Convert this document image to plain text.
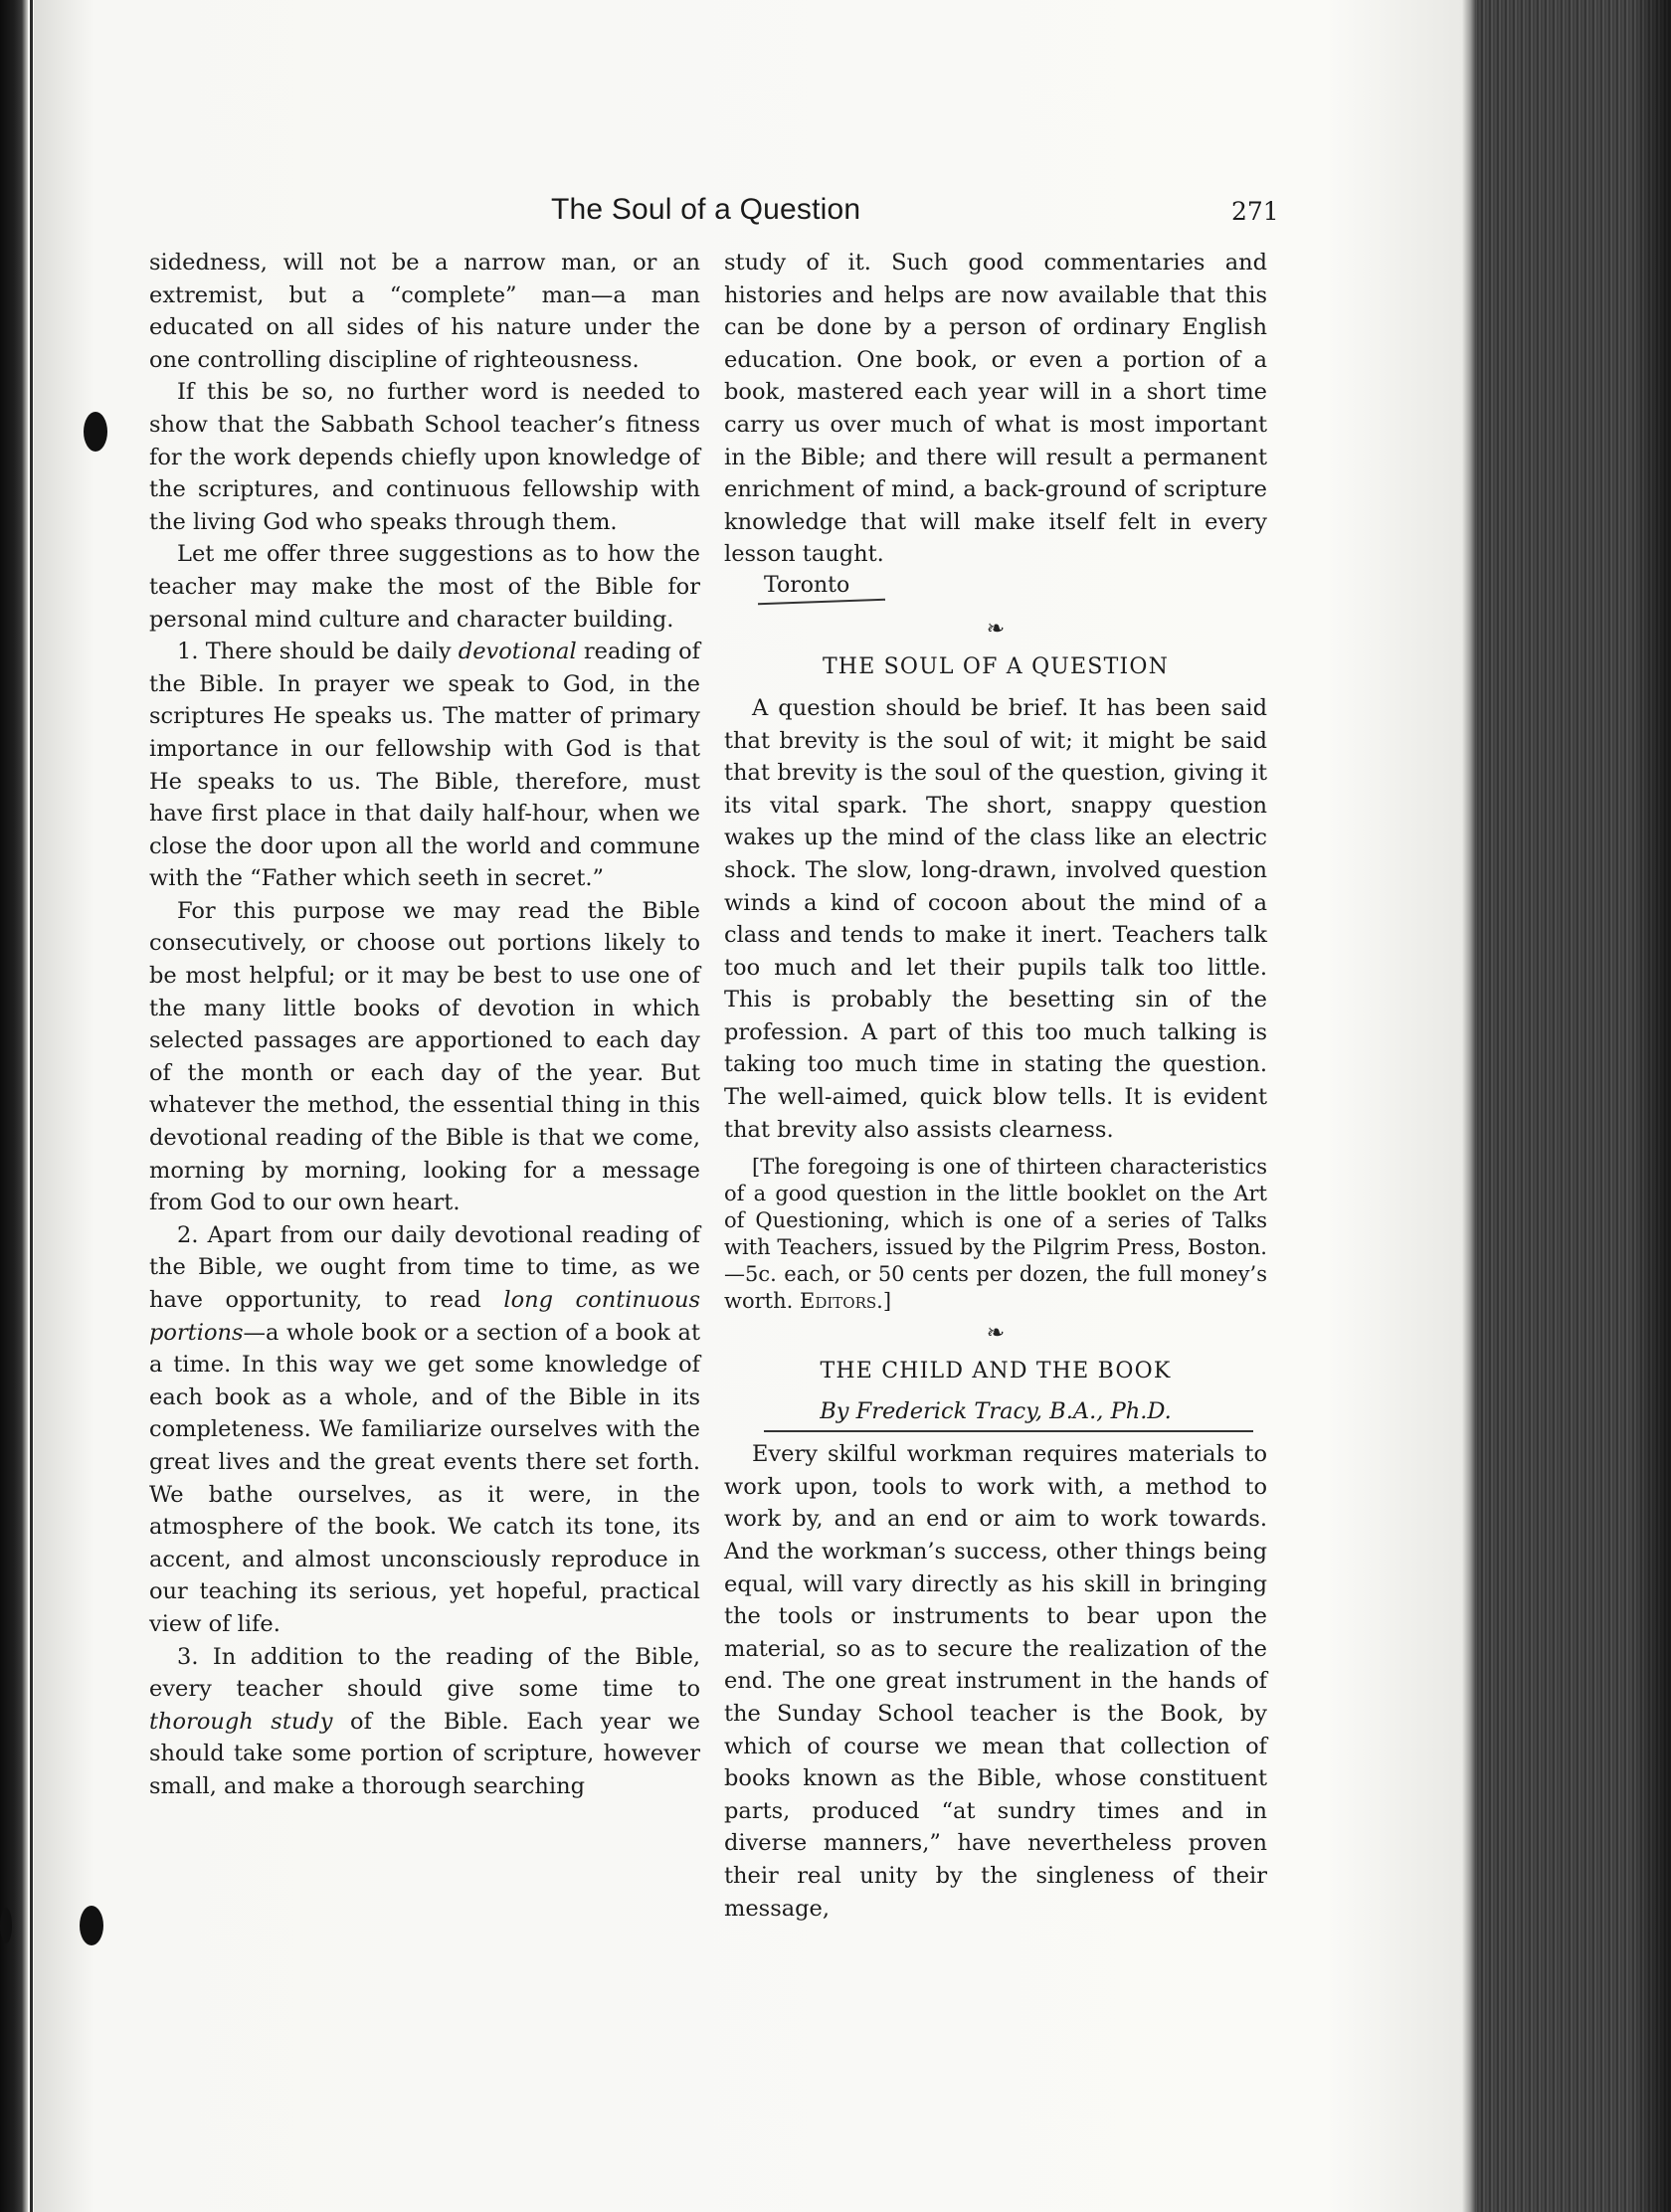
The Soul of a Question	271

sidedness, will not be a narrow man, or an extremist, but a “complete” man—a man educated on all sides of his nature under the one controlling discipline of righteousness.

If this be so, no further word is needed to show that the Sabbath School teacher’s fitness for the work depends chiefly upon knowledge of the scriptures, and continuous fellowship with the living God who speaks through them.

Let me offer three suggestions as to how the teacher may make the most of the Bible for personal mind culture and character building.

1. There should be daily devotional reading of the Bible. In prayer we speak to God, in the scriptures He speaks us. The matter of primary importance in our fellowship with God is that He speaks to us. The Bible, therefore, must have first place in that daily half-hour, when we close the door upon all the world and commune with the “Father which seeth in secret.”

For this purpose we may read the Bible consecutively, or choose out portions likely to be most helpful; or it may be best to use one of the many little books of devotion in which selected passages are apportioned to each day of the month or each day of the year. But whatever the method, the essential thing in this devotional reading of the Bible is that we come, morning by morning, looking for a message from God to our own heart.

2. Apart from our daily devotional reading of the Bible, we ought from time to time, as we have opportunity, to read long continuous portions—a whole book or a section of a book at a time. In this way we get some knowledge of each book as a whole, and of the Bible in its completeness. We familiarize ourselves with the great lives and the great events there set forth. We bathe ourselves, as it were, in the atmosphere of the book. We catch its tone, its accent, and almost unconsciously reproduce in our teaching its serious, yet hopeful, practical view of life.

3. In addition to the reading of the Bible, every teacher should give some time to thorough study of the Bible. Each year we should take some portion of scripture, however small, and make a thorough searching

study of it. Such good commentaries and histories and helps are now available that this can be done by a person of ordinary English education. One book, or even a portion of a book, mastered each year will in a short time carry us over much of what is most important in the Bible; and there will result a permanent enrichment of mind, a back-ground of scripture knowledge that will make itself felt in every lesson taught.

Toronto

❧
THE SOUL OF A QUESTION

A question should be brief. It has been said that brevity is the soul of wit; it might be said that brevity is the soul of the question, giving it its vital spark. The short, snappy question wakes up the mind of the class like an electric shock. The slow, long-drawn, involved question winds a kind of cocoon about the mind of a class and tends to make it inert. Teachers talk too much and let their pupils talk too little. This is probably the besetting sin of the profession. A part of this too much talking is taking too much time in stating the question. The well-aimed, quick blow tells. It is evident that brevity also assists clearness.

[The foregoing is one of thirteen characteristics of a good question in the little booklet on the Art of Questioning, which is one of a series of Talks with Teachers, issued by the Pilgrim Press, Boston.—5c. each, or 50 cents per dozen, the full money’s worth. Editors.]

❧
THE CHILD AND THE BOOK
By Frederick Tracy, B.A., Ph.D.

Every skilful workman requires materials to work upon, tools to work with, a method to work by, and an end or aim to work towards. And the workman’s success, other things being equal, will vary directly as his skill in bringing the tools or instruments to bear upon the material, so as to secure the realization of the end. The one great instrument in the hands of the Sunday School teacher is the Book, by which of course we mean that collection of books known as the Bible, whose constituent parts, produced “at sundry times and in diverse manners,” have nevertheless proven their real unity by the singleness of their message,
